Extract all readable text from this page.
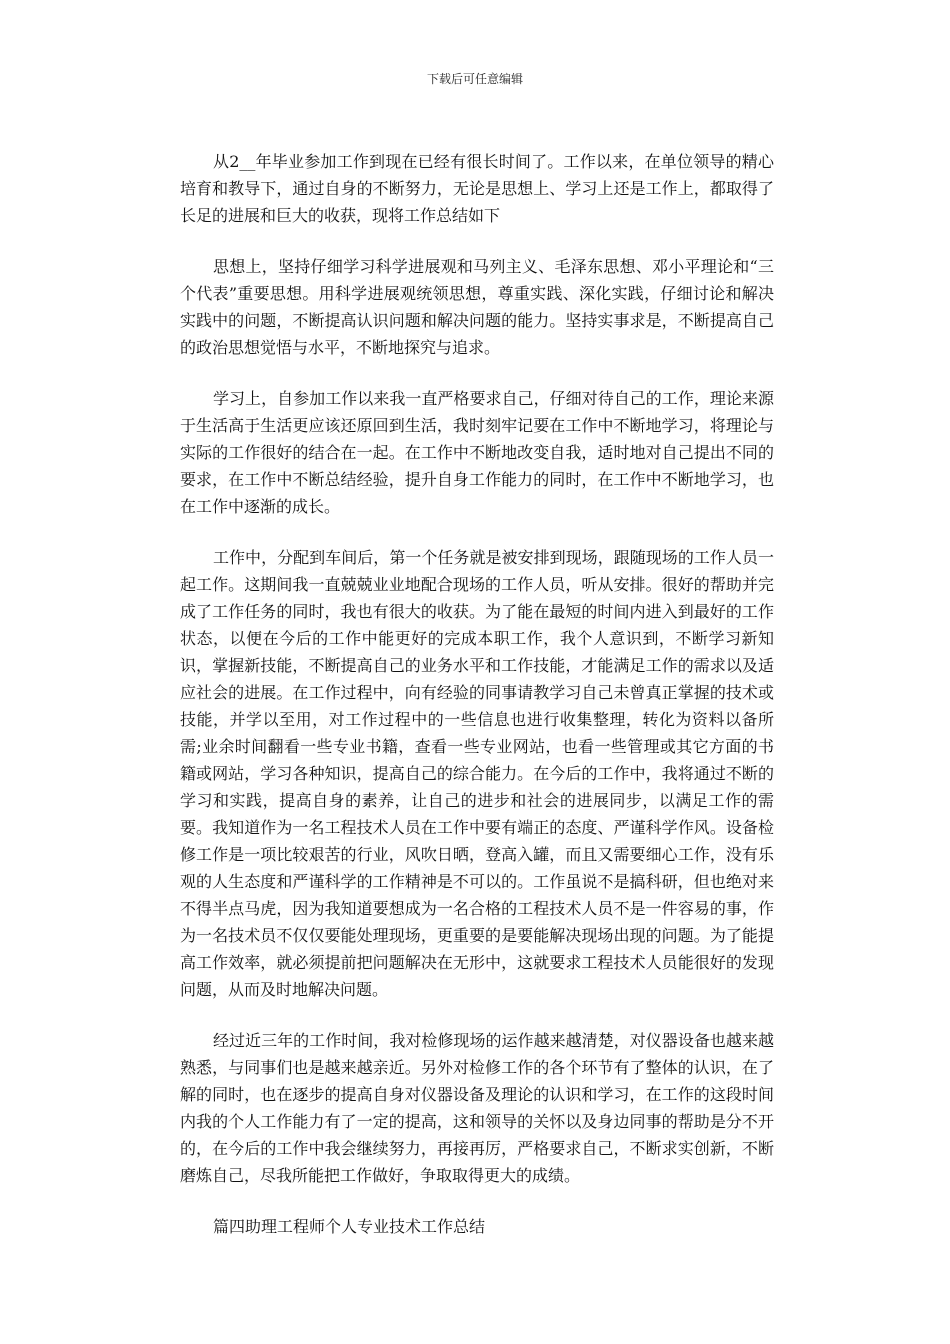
下载后可任意编辑

从2__年毕业参加工作到现在已经有很长时间了。工作以来，在单位领导的精心培育和教导下，通过自身的不断努力，无论是思想上、学习上还是工作上，都取得了长足的进展和巨大的收获，现将工作总结如下

思想上，坚持仔细学习科学进展观和马列主义、毛泽东思想、邓小平理论和“三个代表”重要思想。用科学进展观统领思想，尊重实践、深化实践，仔细讨论和解决实践中的问题，不断提高认识问题和解决问题的能力。坚持实事求是，不断提高自己的政治思想觉悟与水平，不断地探究与追求。

学习上，自参加工作以来我一直严格要求自己，仔细对待自己的工作，理论来源于生活高于生活更应该还原回到生活，我时刻牢记要在工作中不断地学习，将理论与实际的工作很好的结合在一起。在工作中不断地改变自我，适时地对自己提出不同的要求，在工作中不断总结经验，提升自身工作能力的同时，在工作中不断地学习，也在工作中逐渐的成长。

工作中，分配到车间后，第一个任务就是被安排到现场，跟随现场的工作人员一起工作。这期间我一直兢兢业业地配合现场的工作人员，听从安排。很好的帮助并完成了工作任务的同时，我也有很大的收获。为了能在最短的时间内进入到最好的工作状态，以便在今后的工作中能更好的完成本职工作，我个人意识到，不断学习新知识，掌握新技能，不断提高自己的业务水平和工作技能，才能满足工作的需求以及适应社会的进展。在工作过程中，向有经验的同事请教学习自己未曾真正掌握的技术或技能，并学以至用，对工作过程中的一些信息也进行收集整理，转化为资料以备所需;业余时间翻看一些专业书籍，查看一些专业网站，也看一些管理或其它方面的书籍或网站，学习各种知识，提高自己的综合能力。在今后的工作中，我将通过不断的学习和实践，提高自身的素养，让自己的进步和社会的进展同步，以满足工作的需要。我知道作为一名工程技术人员在工作中要有端正的态度、严谨科学作风。设备检修工作是一项比较艰苦的行业，风吹日晒，登高入罐，而且又需要细心工作，没有乐观的人生态度和严谨科学的工作精神是不可以的。工作虽说不是搞科研，但也绝对来不得半点马虎，因为我知道要想成为一名合格的工程技术人员不是一件容易的事，作为一名技术员不仅仅要能处理现场，更重要的是要能解决现场出现的问题。为了能提高工作效率，就必须提前把问题解决在无形中，这就要求工程技术人员能很好的发现问题，从而及时地解决问题。

经过近三年的工作时间，我对检修现场的运作越来越清楚，对仪器设备也越来越熟悉，与同事们也是越来越亲近。另外对检修工作的各个环节有了整体的认识，在了解的同时，也在逐步的提高自身对仪器设备及理论的认识和学习，在工作的这段时间内我的个人工作能力有了一定的提高，这和领导的关怀以及身边同事的帮助是分不开的，在今后的工作中我会继续努力，再接再厉，严格要求自己，不断求实创新，不断磨炼自己，尽我所能把工作做好，争取取得更大的成绩。

篇四助理工程师个人专业技术工作总结
